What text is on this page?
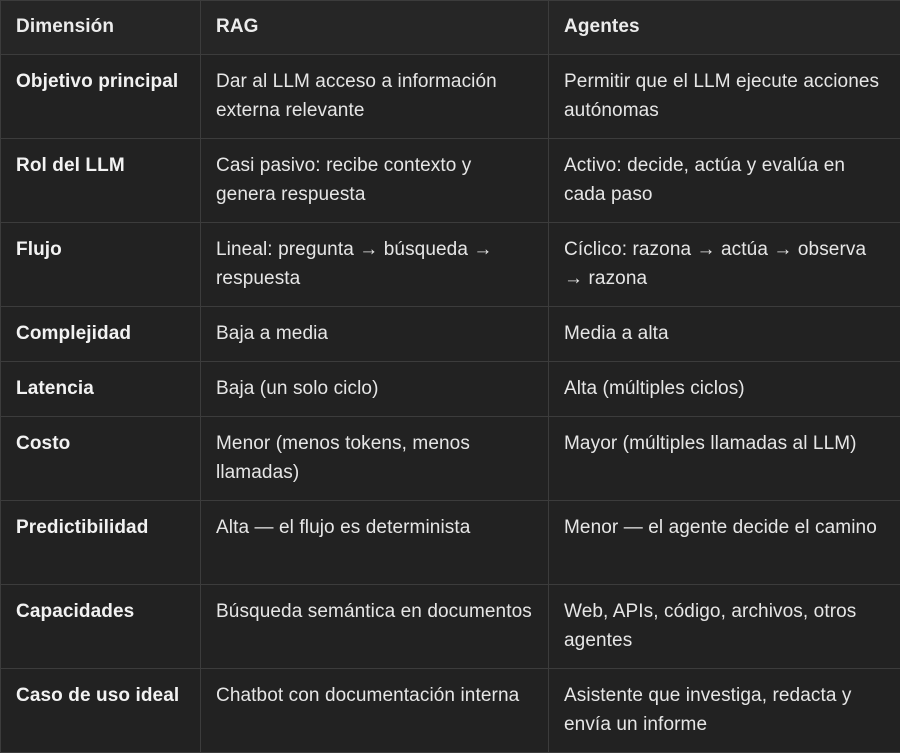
Dimensión	RAG	Agentes
Objetivo principal	Dar al LLM acceso a información externa relevante	Permitir que el LLM ejecute acciones autónomas
Rol del LLM	Casi pasivo: recibe contexto y genera respuesta	Activo: decide, actúa y evalúa en cada paso
Flujo	Lineal: pregunta → búsqueda → respuesta	Cíclico: razona → actúa → observa → razona
Complejidad	Baja a media	Media a alta
Latencia	Baja (un solo ciclo)	Alta (múltiples ciclos)
Costo	Menor (menos tokens, menos llamadas)	Mayor (múltiples llamadas al LLM)
Predictibilidad	Alta — el flujo es determinista	Menor — el agente decide el camino
Capacidades	Búsqueda semántica en documentos	Web, APIs, código, archivos, otros agentes
Caso de uso ideal	Chatbot con documentación interna	Asistente que investiga, redacta y envía un informe
